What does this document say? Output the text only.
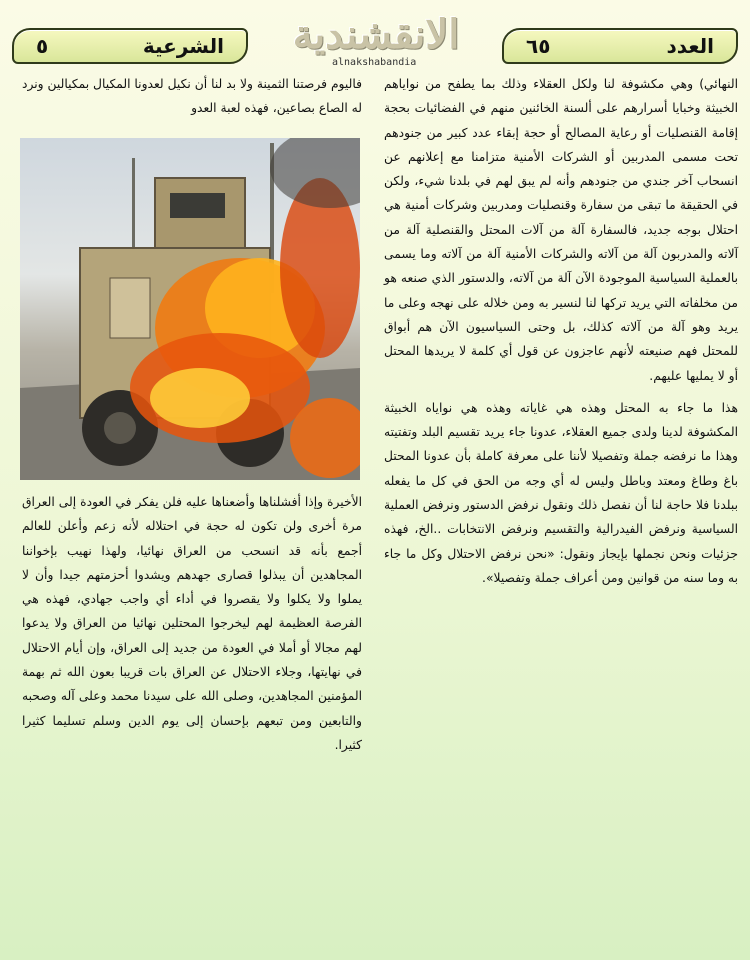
العدد
٦٥
الانقشندية
alnakshabandia
الشرعية
٥

النهائي) وهي مكشوفة لنا ولكل العقلاء وذلك بما يطفح من نواياهم الخبيثة وخبايا أسرارهم على ألسنة الخائنين منهم في الفضائيات بحجة إقامة القنصليات أو رعاية المصالح أو حجة إبقاء عدد كبير من جنودهم تحت مسمى المدربين أو الشركات الأمنية متزامنا مع إعلانهم عن انسحاب آخر جندي من جنودهم وأنه لم يبق لهم في بلدنا شيء، ولكن في الحقيقة ما تبقى من سفارة وقنصليات ومدربين وشركات أمنية هي احتلال بوجه جديد، فالسفارة آلة من آلات المحتل والقنصلية آلة من آلاته والمدربون آلة من آلاته والشركات الأمنية آلة من آلاته وما يسمى بالعملية السياسية الموجودة الآن آلة من آلاته، والدستور الذي صنعه هو من مخلفاته التي يريد تركها لنا لنسير به ومن خلاله على نهجه وعلى ما يريد وهو آلة من آلاته كذلك، بل وحتى السياسيون الآن هم أبواق للمحتل فهم صنيعته لأنهم عاجزون عن قول أي كلمة لا يريدها المحتل أو لا يمليها عليهم.

هذا ما جاء به المحتل وهذه هي غاياته وهذه هي نواياه الخبيثة المكشوفة لدينا ولدى جميع العقلاء، عدونا جاء يريد تقسيم البلد وتفتيته وهذا ما نرفضه جملة وتفصيلا لأننا على معرفة كاملة بأن عدونا المحتل باغ وطاغ ومعتد وباطل وليس له أي وجه من الحق في كل ما يفعله ببلدنا فلا حاجة لنا أن نفصل ذلك ونقول نرفض الدستور ونرفض العملية السياسية ونرفض الفيدرالية والتقسيم ونرفض الانتخابات ..الخ، فهذه جزئيات ونحن نجملها بإيجاز ونقول: «نحن نرفض الاحتلال وكل ما جاء به وما سنه من قوانين ومن أعراف جملة وتفصيلا».

فاليوم فرصتنا الثمينة ولا بد لنا أن نكيل لعدونا المكيال بمكيالين ونرد له الصاع بصاعين، فهذه لعبة العدو

الأخيرة وإذا أفشلناها وأضعناها عليه فلن يفكر في العودة إلى العراق مرة أخرى ولن تكون له حجة في احتلاله لأنه زعم وأعلن للعالم أجمع بأنه قد انسحب من العراق نهائيا، ولهذا نهيب بإخواننا المجاهدين أن يبذلوا قصارى جهدهم ويشدوا أحزمتهم جيدا وأن لا يملوا ولا يكلوا ولا يقصروا في أداء أي واجب جهادي، فهذه هي الفرصة العظيمة لهم ليخرجوا المحتلين نهائيا من العراق ولا يدعوا لهم مجالا أو أملا في العودة من جديد إلى العراق، وإن أيام الاحتلال في نهايتها، وجلاء الاحتلال عن العراق بات قريبا بعون الله ثم بهمة المؤمنين المجاهدين، وصلى الله على سيدنا محمد وعلى آله وصحبه والتابعين ومن تبعهم بإحسان إلى يوم الدين وسلم تسليما كثيرا كثيرا.
